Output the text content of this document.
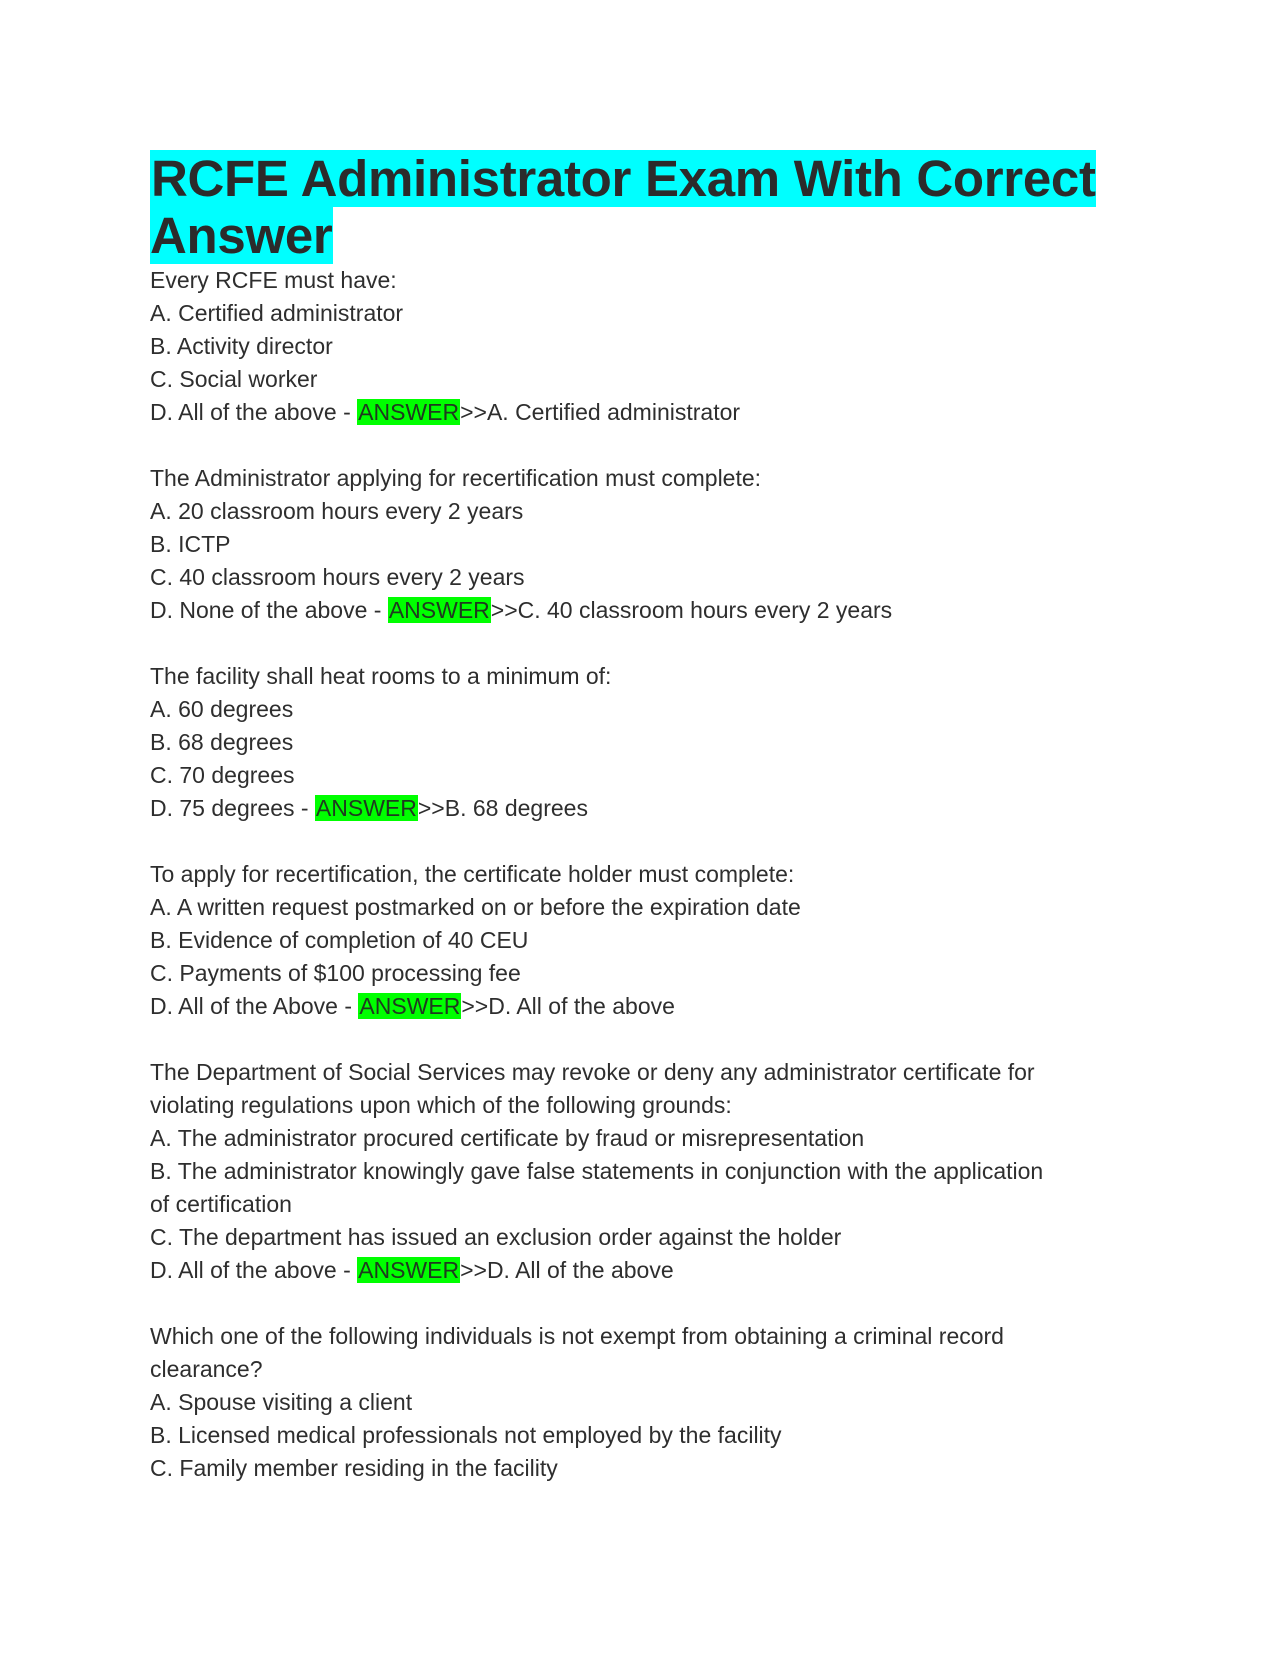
RCFE Administrator Exam With Correct Answer

Every RCFE must have:

A. Certified administrator

B. Activity director

C. Social worker

D. All of the above - ANSWER>>A. Certified administrator

The Administrator applying for recertification must complete:

A. 20 classroom hours every 2 years

B. ICTP

C. 40 classroom hours every 2 years

D. None of the above - ANSWER>>C. 40 classroom hours every 2 years

The facility shall heat rooms to a minimum of:

A. 60 degrees

B. 68 degrees

C. 70 degrees

D. 75 degrees - ANSWER>>B. 68 degrees

To apply for recertification, the certificate holder must complete:

A. A written request postmarked on or before the expiration date

B. Evidence of completion of 40 CEU

C. Payments of $100 processing fee

D. All of the Above - ANSWER>>D. All of the above

The Department of Social Services may revoke or deny any administrator certificate for

violating regulations upon which of the following grounds:

A. The administrator procured certificate by fraud or misrepresentation

B. The administrator knowingly gave false statements in conjunction with the application

of certification

C. The department has issued an exclusion order against the holder

D. All of the above - ANSWER>>D. All of the above

Which one of the following individuals is not exempt from obtaining a criminal record

clearance?

A. Spouse visiting a client

B. Licensed medical professionals not employed by the facility

C. Family member residing in the facility
